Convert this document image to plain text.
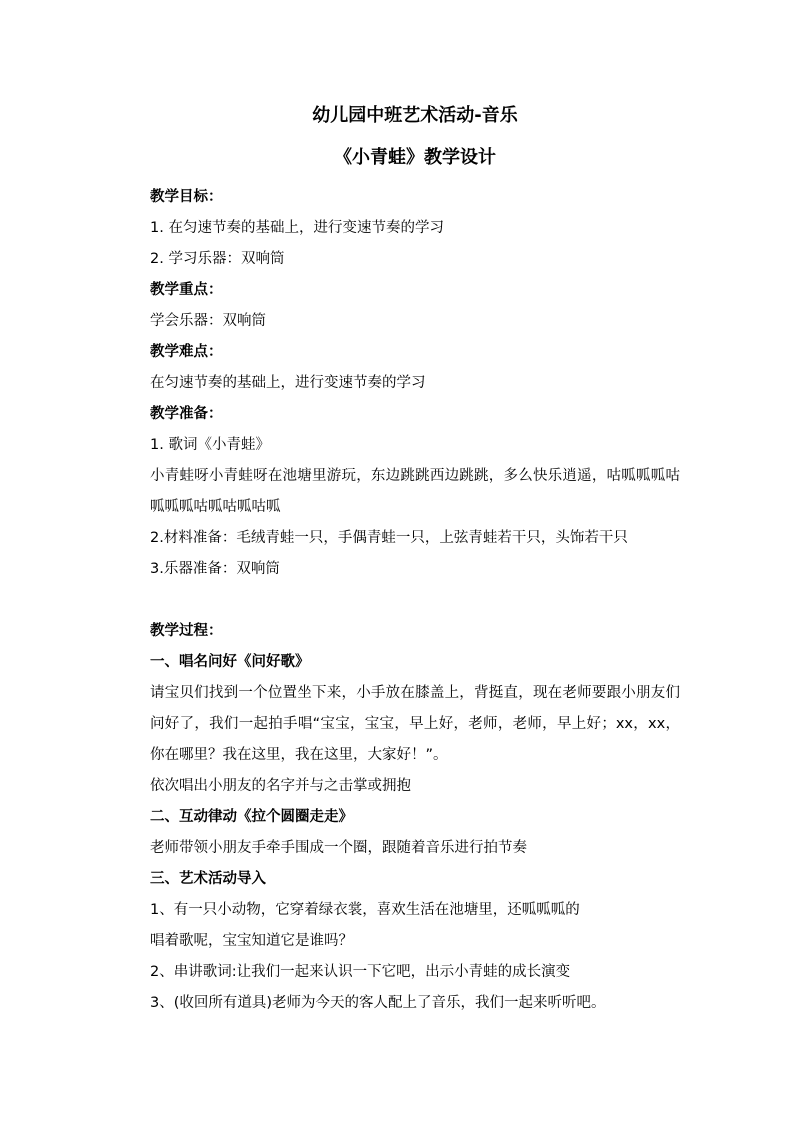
幼儿园中班艺术活动-音乐

《小青蛙》教学设计

教学目标：

1. 在匀速节奏的基础上，进行变速节奏的学习

2. 学习乐器：双响筒

教学重点：

学会乐器：双响筒

教学难点：

在匀速节奏的基础上，进行变速节奏的学习

教学准备：

1. 歌词《小青蛙》

小青蛙呀小青蛙呀在池塘里游玩，东边跳跳西边跳跳，多么快乐逍遥，咕呱呱呱咕呱呱呱咕呱咕呱咕呱

2.材料准备：毛绒青蛙一只，手偶青蛙一只，上弦青蛙若干只，头饰若干只

3.乐器准备：双响筒

教学过程：

一、唱名问好《问好歌》

请宝贝们找到一个位置坐下来，小手放在膝盖上，背挺直，现在老师要跟小朋友们问好了，我们一起拍手唱“宝宝，宝宝，早上好，老师，老师，早上好；xx，xx，你在哪里？我在这里，我在这里，大家好！”。

依次唱出小朋友的名字并与之击掌或拥抱

二、互动律动《拉个圆圈走走》

老师带领小朋友手牵手围成一个圈，跟随着音乐进行拍节奏

三、艺术活动导入

1、有一只小动物，它穿着绿衣裳，喜欢生活在池塘里，还呱呱呱的

唱着歌呢，宝宝知道它是谁吗？

2、串讲歌词:让我们一起来认识一下它吧，出示小青蛙的成长演变

3、(收回所有道具)老师为今天的客人配上了音乐，我们一起来听听吧。
